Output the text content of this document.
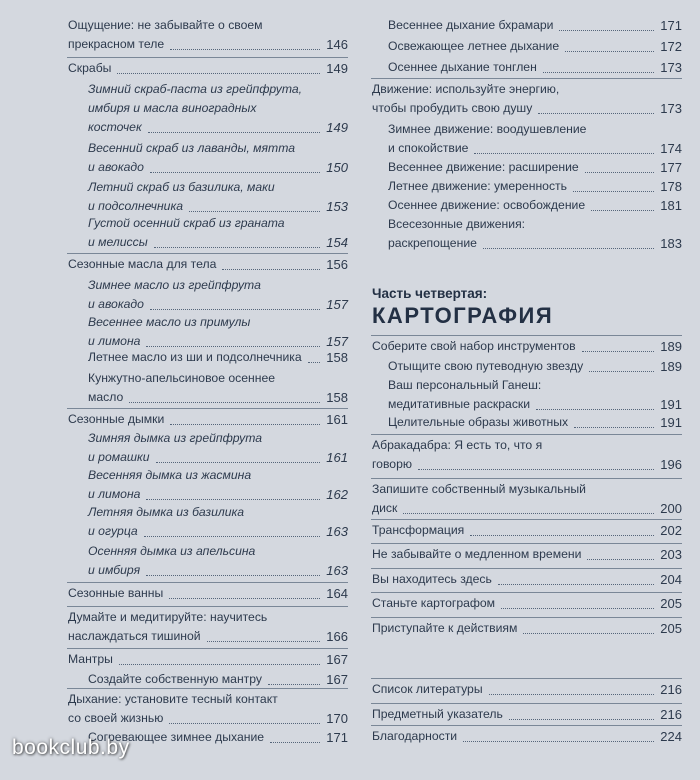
Ощущение: не забывайте о своем
прекрасном теле	146
Скрабы	149
Зимний скраб-паста из грейпфрута,
имбиря и масла виноградных
косточек	149
Весенний скраб из лаванды, мятта
и авокадо	150
Летний скраб из базилика, маки
и подсолнечника	153
Густой осенний скраб из граната
и мелиссы	154
Сезонные масла для тела	156
Зимнее масло из грейпфрута
и авокадо	157
Весеннее масло из примулы
и лимона	157
Летнее масло из ши и подсолнечника 158
Кунжутно-апельсиновое осеннее
масло	158
Сезонные дымки	161
Зимняя дымка из грейпфрута
и ромашки	161
Весенняя дымка из жасмина
и лимона	162
Летняя дымка из базилика
и огурца	163
Осенняя дымка из апельсина
и имбиря	163
Сезонные ванны	164
Думайте и медитируйте: научитесь
наслаждаться тишиной	166
Мантры	167
Создайте собственную мантру	167
Дыхание: установите тесный контакт
со своей жизнью	170
Согревающее зимнее дыхание	171
Часть четвертая:
КАРТОГРАФИЯ
Весеннее дыхание бхрамари	171
Освежающее летнее дыхание	172
Осеннее дыхание тонглен	173
Движение: используйте энергию,
чтобы пробудить свою душу	173
Зимнее движение: воодушевление
и спокойствие	174
Весеннее движение: расширение	177
Летнее движение: умеренность	178
Осеннее движение: освобождение	181
Всесезонные движения:
раскрепощение	183
Соберите свой набор инструментов	189
Отыщите свою путеводную звезду	189
Ваш персональный Ганеш:
медитативные раскраски	191
Целительные образы животных	191
Абракадабра: Я есть то, что я
говорю	196
Запишите собственный музыкальный
диск	200
Трансформация	202
Не забывайте о медленном времени	203
Вы находитесь здесь	204
Станьте картографом	205
Приступайте к действиям	205
Список литературы	216
Предметный указатель	216
Благодарности	224
bookclub.by
